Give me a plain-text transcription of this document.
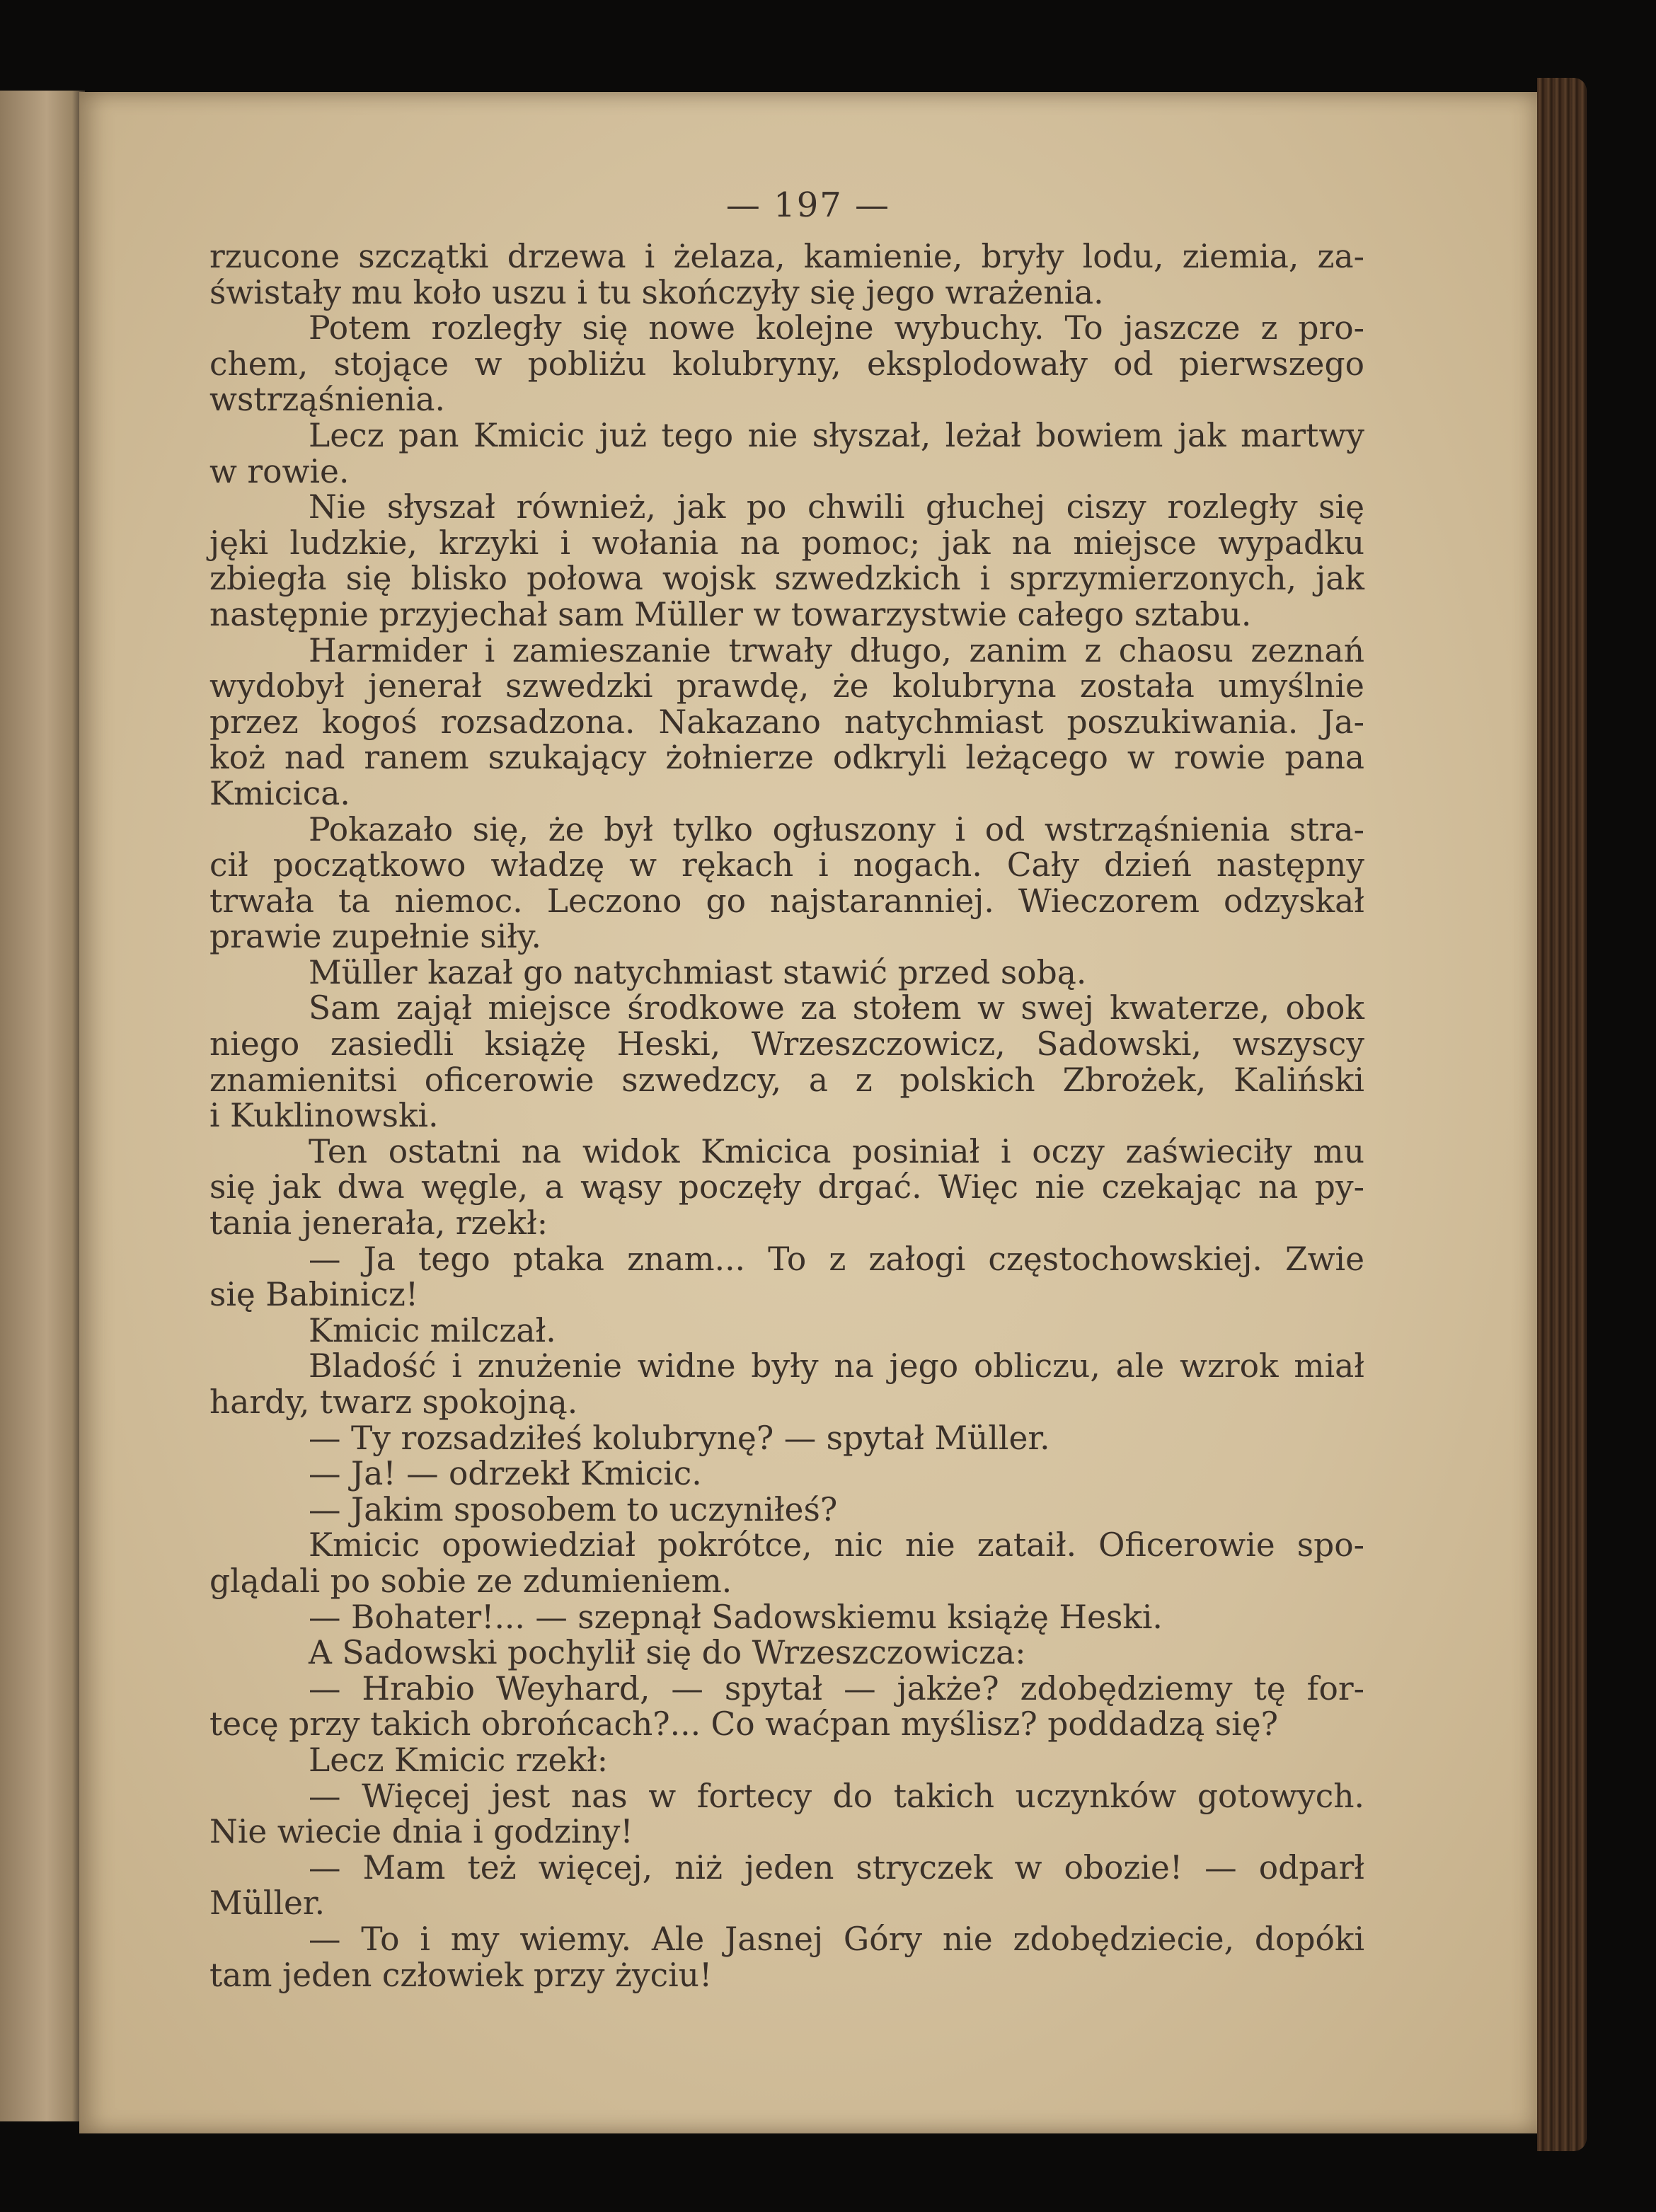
— 197 —
rzucone szczątki drzewa i żelaza, kamienie, bryły lodu, ziemia, za-
świstały mu koło uszu i tu skończyły się jego wrażenia.
Potem rozległy się nowe kolejne wybuchy. To jaszcze z pro-
chem, stojące w pobliżu kolubryny, eksplodowały od pierwszego
wstrząśnienia.
Lecz pan Kmicic już tego nie słyszał, leżał bowiem jak martwy
w rowie.
Nie słyszał również, jak po chwili głuchej ciszy rozległy się
jęki ludzkie, krzyki i wołania na pomoc; jak na miejsce wypadku
zbiegła się blisko połowa wojsk szwedzkich i sprzymierzonych, jak
następnie przyjechał sam Müller w towarzystwie całego sztabu.
Harmider i zamieszanie trwały długo, zanim z chaosu zeznań
wydobył jenerał szwedzki prawdę, że kolubryna została umyślnie
przez kogoś rozsadzona. Nakazano natychmiast poszukiwania. Ja-
koż nad ranem szukający żołnierze odkryli leżącego w rowie pana
Kmicica.
Pokazało się, że był tylko ogłuszony i od wstrząśnienia stra-
cił początkowo władzę w rękach i nogach. Cały dzień następny
trwała ta niemoc. Leczono go najstaranniej. Wieczorem odzyskał
prawie zupełnie siły.
Müller kazał go natychmiast stawić przed sobą.
Sam zajął miejsce środkowe za stołem w swej kwaterze, obok
niego zasiedli książę Heski, Wrzeszczowicz, Sadowski, wszyscy
znamienitsi oficerowie szwedzcy, a z polskich Zbrożek, Kaliński
i Kuklinowski.
Ten ostatni na widok Kmicica posiniał i oczy zaświeciły mu
się jak dwa węgle, a wąsy poczęły drgać. Więc nie czekając na py-
tania jenerała, rzekł:
— Ja tego ptaka znam... To z załogi częstochowskiej. Zwie
się Babinicz!
Kmicic milczał.
Bladość i znużenie widne były na jego obliczu, ale wzrok miał
hardy, twarz spokojną.
— Ty rozsadziłeś kolubrynę? — spytał Müller.
— Ja! — odrzekł Kmicic.
— Jakim sposobem to uczyniłeś?
Kmicic opowiedział pokrótce, nic nie zataił. Oficerowie spo-
glądali po sobie ze zdumieniem.
— Bohater!... — szepnął Sadowskiemu książę Heski.
A Sadowski pochylił się do Wrzeszczowicza:
— Hrabio Weyhard, — spytał — jakże? zdobędziemy tę for-
tecę przy takich obrońcach?... Co waćpan myślisz? poddadzą się?
Lecz Kmicic rzekł:
— Więcej jest nas w fortecy do takich uczynków gotowych.
Nie wiecie dnia i godziny!
— Mam też więcej, niż jeden stryczek w obozie! — odparł
Müller.
— To i my wiemy. Ale Jasnej Góry nie zdobędziecie, dopóki
tam jeden człowiek przy życiu!
